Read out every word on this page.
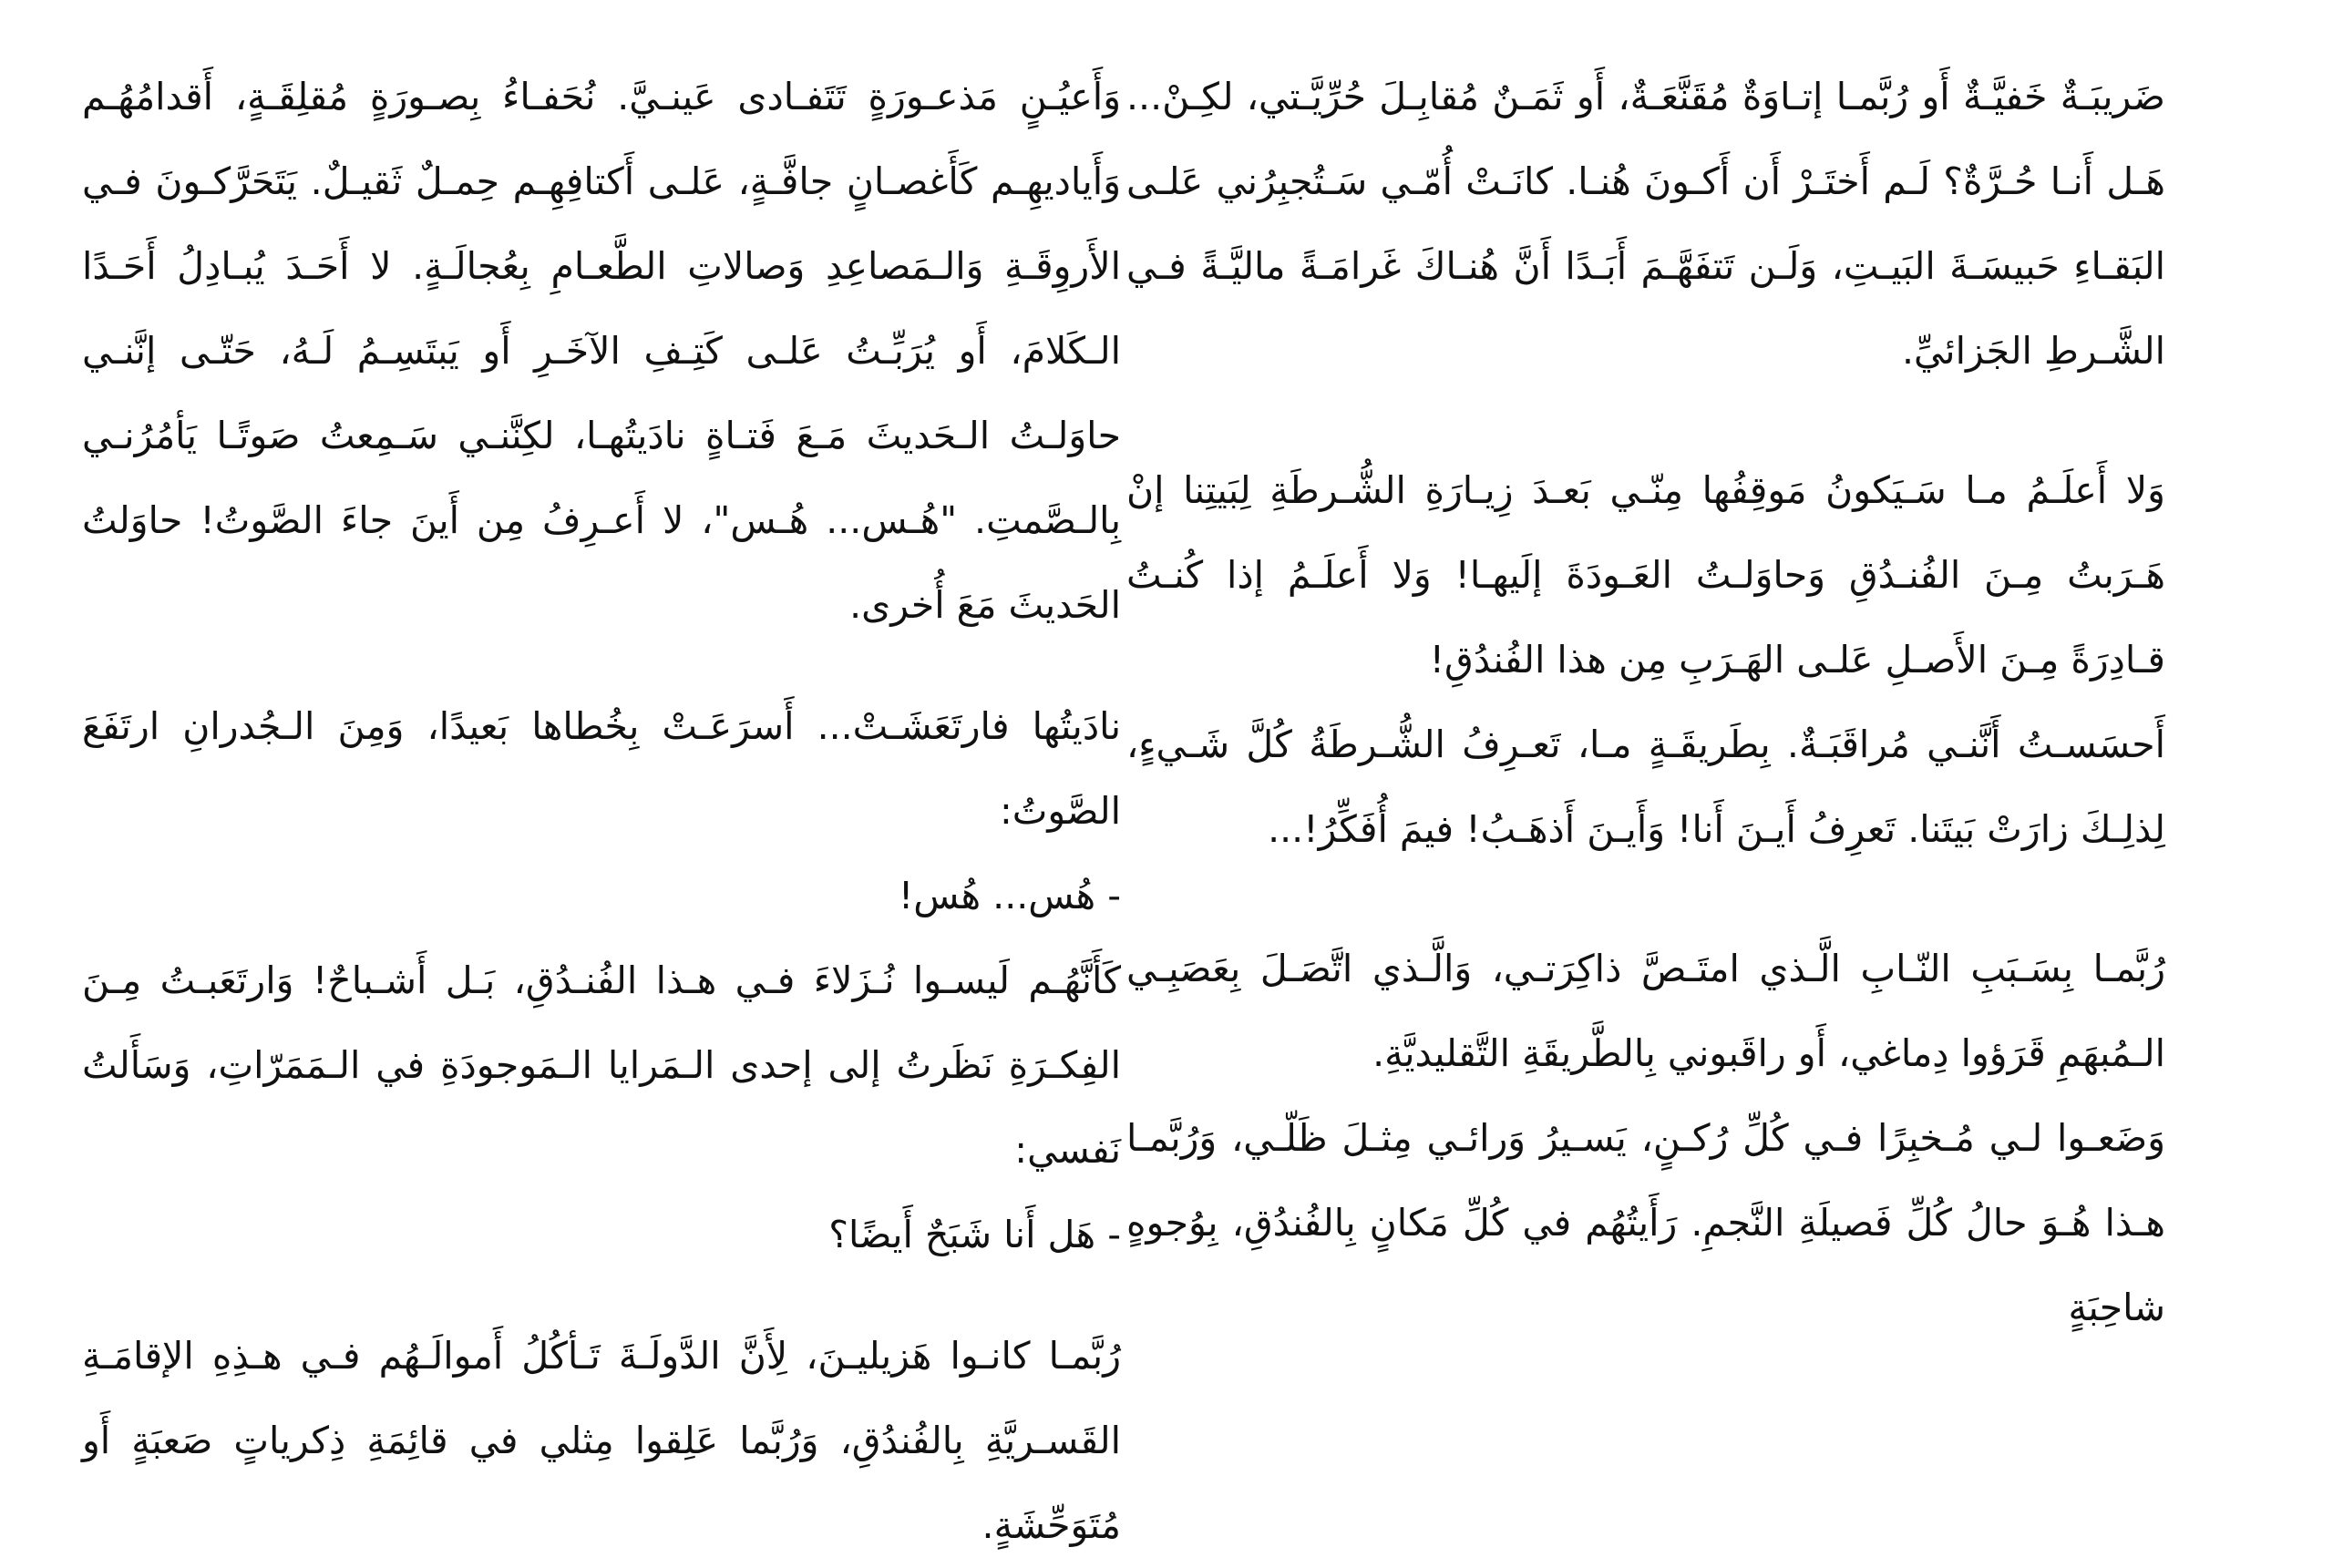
ضَريبَـةٌ خَفيَّـةٌ أَو رُبَّمـا إتـاوَةٌ مُقَنَّعَـةٌ، أَو ثَمَـنٌ مُقابِـلَ حُرِّيَّـتي، لكِـنْ... هَـل أَنـا حُـرَّةٌ؟ لَـم أَختَـرْ أَن أَكـونَ هُنـا. كانَـتْ أُمّـي سَـتُجبِرُني عَلـى البَقـاءِ حَبيسَـةَ البَيـتِ، وَلَـن تَتفَهَّـمَ أَبَـدًا أَنَّ هُنـاكَ غَرامَـةً ماليَّـةً فـي الشَّـرطِ الجَزائيِّ.

وَلا أَعلَـمُ مـا سَـيَكونُ مَوقِفُها مِنّـي بَعـدَ زِيـارَةِ الشُّـرطَةِ لِبَيتِنا إنْ هَـرَبتُ مِـنَ الفُنـدُقِ وَحاوَلـتُ العَـودَةَ إلَيهـا! وَلا أَعلَـمُ إذا كُنـتُ قـادِرَةً مِـنَ الأَصـلِ عَلـى الهَـرَبِ مِن هذا الفُندُقِ!

أَحسَسـتُ أَنَّنـي مُراقَبَـةٌ. بِطَريقَـةٍ مـا، تَعـرِفُ الشُّـرطَةُ كُلَّ شَـيءٍ، لِذلِـكَ زارَتْ بَيتَنا. تَعرِفُ أَيـنَ أَنا! وَأَيـنَ أَذهَـبُ! فيمَ أُفَكِّرُ!...

رُبَّمـا بِسَـبَبِ النّـابِ الَّـذي امتَـصَّ ذاكِرَتـي، وَالَّـذي اتَّصَـلَ بِعَصَبِـي الـمُبهَمِ قَرَؤوا دِماغي، أَو راقَبوني بِالطَّريقَةِ التَّقليديَّةِ.

وَضَعـوا لـي مُـخبِرًا فـي كُلِّ رُكـنٍ، يَسـيرُ وَرائـي مِثـلَ ظَلّـي، وَرُبَّمـا هـذا هُـوَ حالُ كُلِّ فَصيلَةِ النَّجمِ. رَأَيتُهُم في كُلِّ مَكانٍ بِالفُندُقِ، بِوُجوهٍ شاحِبَةٍ

وَأَعيُـنٍ مَذعـورَةٍ تَتَفـادى عَينـيَّ. نُحَفـاءُ بِصـورَةٍ مُقلِقَـةٍ، أَقدامُهُـم وَأَياديهِـم كَأَغصـانٍ جافَّـةٍ، عَلـى أَكتافِهِـم حِمـلٌ ثَقيـلٌ. يَتَحَرَّكـونَ فـي الأَروِقَـةِ وَالـمَصاعِدِ وَصالاتِ الطَّعـامِ بِعُجالَـةٍ. لا أَحَـدَ يُبـادِلُ أَحَـدًا الـكَلامَ، أَو يُرَبِّـتُ عَلـى كَتِـفِ الآخَـرِ أَو يَبتَسِـمُ لَـهُ، حَتّـى إنَّنـي حاوَلـتُ الـحَديثَ مَـعَ فَتـاةٍ نادَيتُهـا، لكِنَّنـي سَـمِعتُ صَوتًـا يَأمُرُنـي بِالـصَّمتِ. "هُـس... هُـس"، لا أَعـرِفُ مِن أَينَ جاءَ الصَّوتُ! حاوَلتُ الحَديثَ مَعَ أُخرى.

نادَيتُها فارتَعَشَـتْ... أَسرَعَـتْ بِخُطاها بَعيدًا، وَمِنَ الـجُدرانِ ارتَفَعَ الصَّوتُ:

- هُس... هُس!

كَأَنَّهُـم لَيسـوا نُـزَلاءَ فـي هـذا الفُنـدُقِ، بَـل أَشـباحٌ! وَارتَعَبـتُ مِـنَ الفِكـرَةِ نَظَرتُ إلى إحدى الـمَرايا الـمَوجودَةِ في الـمَمَرّاتِ، وَسَأَلتُ نَفسي:

- هَل أَنا شَبَحٌ أَيضًا؟

رُبَّمـا كانـوا هَزيليـنَ، لِأَنَّ الدَّولَـةَ تَـأكُلُ أَموالَـهُم فـي هـذِهِ الإقامَـةِ القَسـريَّةِ بِالفُندُقِ، وَرُبَّما عَلِقوا مِثلي في قائِمَةِ ذِكرياتٍ صَعبَةٍ أَو مُتَوَحِّشَةٍ.
